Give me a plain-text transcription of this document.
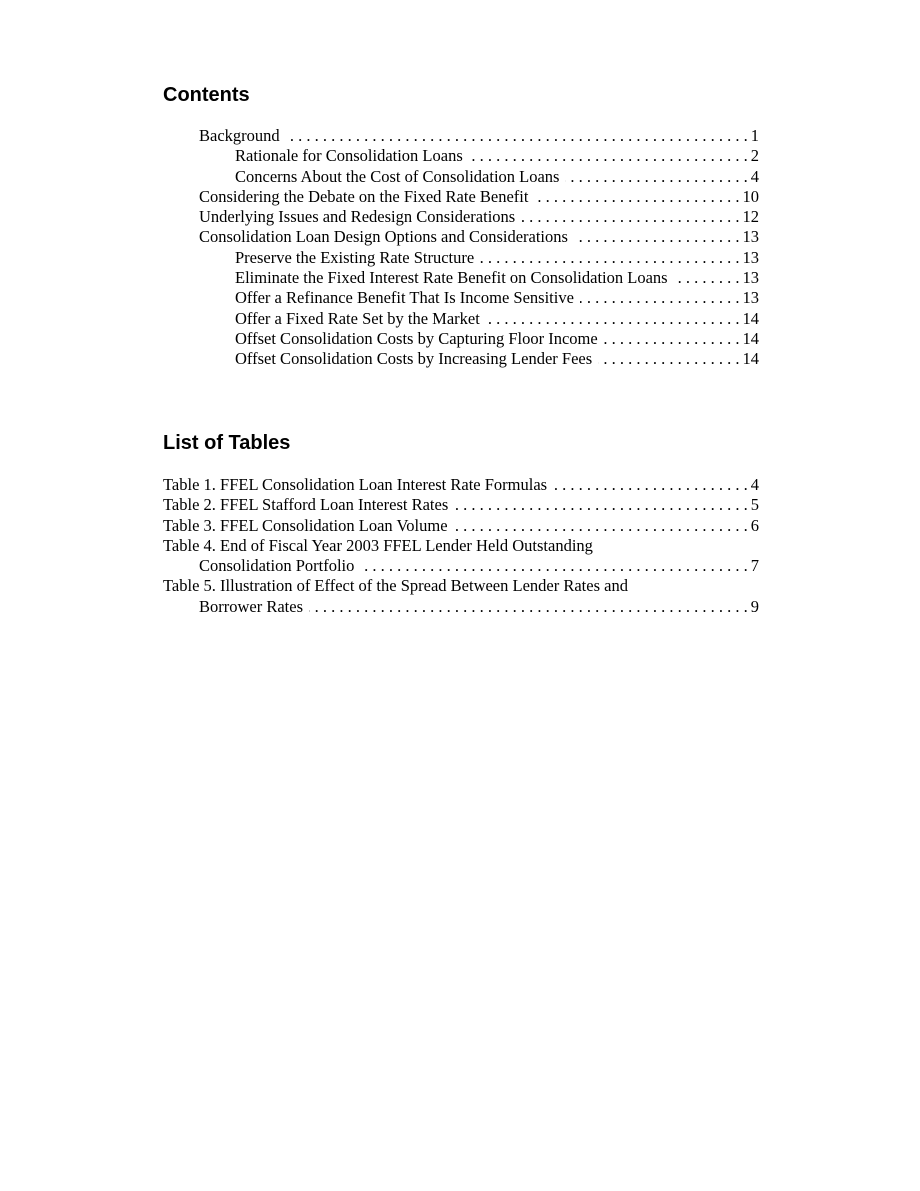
Contents
Background . . .	1
Rationale for Consolidation Loans . . .	2
Concerns About the Cost of Consolidation Loans . . .	4
Considering the Debate on the Fixed Rate Benefit . . .	10
Underlying Issues and Redesign Considerations . . .	12
Consolidation Loan Design Options and Considerations . . .	13
Preserve the Existing Rate Structure . . .	13
Eliminate the Fixed Interest Rate Benefit on Consolidation Loans . . .	13
Offer a Refinance Benefit That Is Income Sensitive . . .	13
Offer a Fixed Rate Set by the Market . . .	14
Offset Consolidation Costs by Capturing Floor Income . . .	14
Offset Consolidation Costs by Increasing Lender Fees . . .	14
List of Tables
Table 1. FFEL Consolidation Loan Interest Rate Formulas . . .	4
Table 2. FFEL Stafford Loan Interest Rates . . .	5
Table 3. FFEL Consolidation Loan Volume . . .	6
Table 4. End of Fiscal Year 2003 FFEL Lender Held Outstanding
Consolidation Portfolio . . .	7
Table 5. Illustration of Effect of the Spread Between Lender Rates and
Borrower Rates . . .	9
